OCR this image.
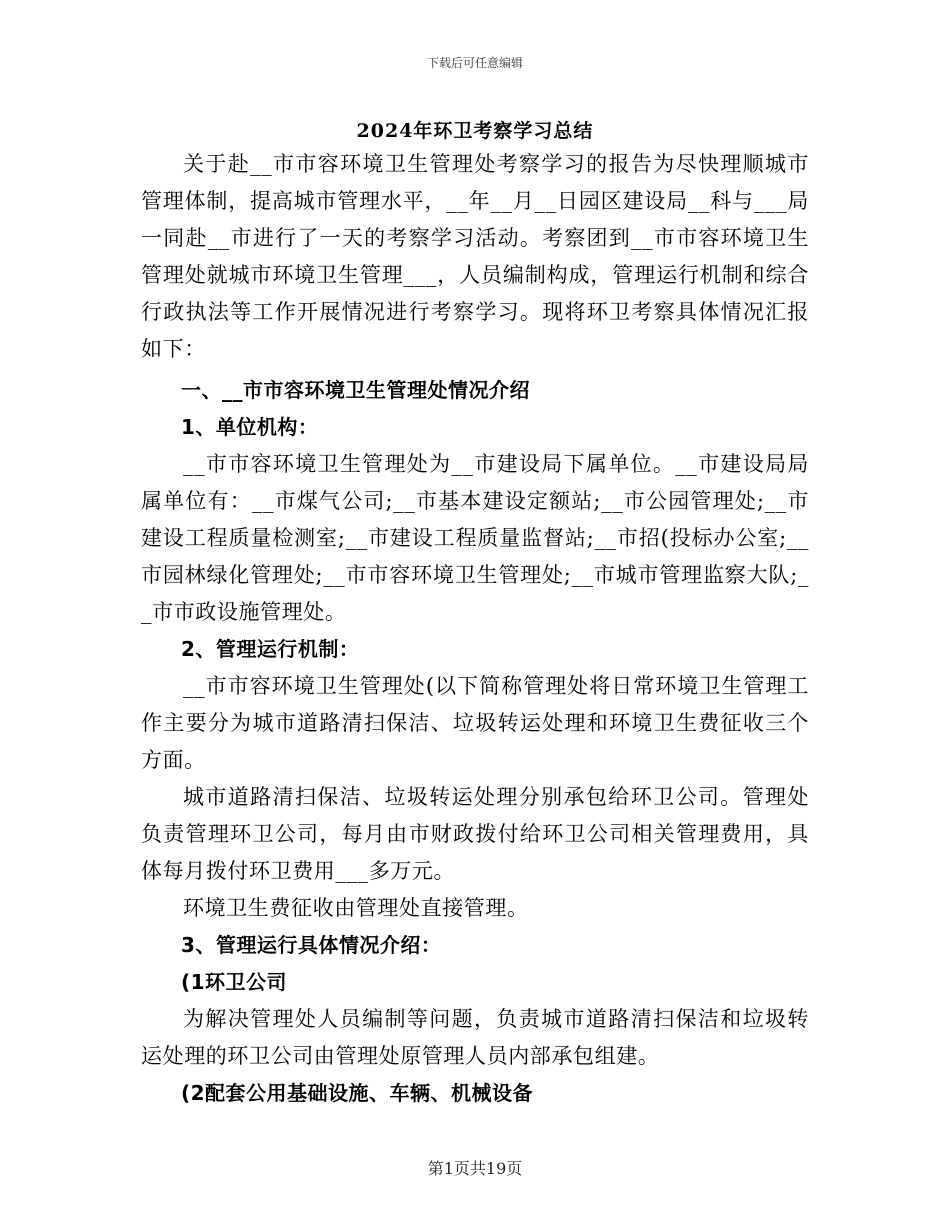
下载后可任意编辑
2024年环卫考察学习总结

关于赴__市市容环境卫生管理处考察学习的报告为尽快理顺城市管理体制，提高城市管理水平，__年__月__日园区建设局__科与___局一同赴__市进行了一天的考察学习活动。考察团到__市市容环境卫生管理处就城市环境卫生管理___，人员编制构成，管理运行机制和综合行政执法等工作开展情况进行考察学习。现将环卫考察具体情况汇报如下：

一、__市市容环境卫生管理处情况介绍

1、单位机构：

__市市容环境卫生管理处为__市建设局下属单位。__市建设局局属单位有：__市煤气公司;__市基本建设定额站;__市公园管理处;__市建设工程质量检测室;__市建设工程质量监督站;__市招(投标办公室;__市园林绿化管理处;__市市容环境卫生管理处;__市城市管理监察大队;__市市政设施管理处。

2、管理运行机制：

__市市容环境卫生管理处(以下简称管理处将日常环境卫生管理工作主要分为城市道路清扫保洁、垃圾转运处理和环境卫生费征收三个方面。

城市道路清扫保洁、垃圾转运处理分别承包给环卫公司。管理处负责管理环卫公司，每月由市财政拨付给环卫公司相关管理费用，具体每月拨付环卫费用___多万元。

环境卫生费征收由管理处直接管理。

3、管理运行具体情况介绍：

(1环卫公司

为解决管理处人员编制等问题，负责城市道路清扫保洁和垃圾转运处理的环卫公司由管理处原管理人员内部承包组建。

(2配套公用基础设施、车辆、机械设备

第1页共19页
